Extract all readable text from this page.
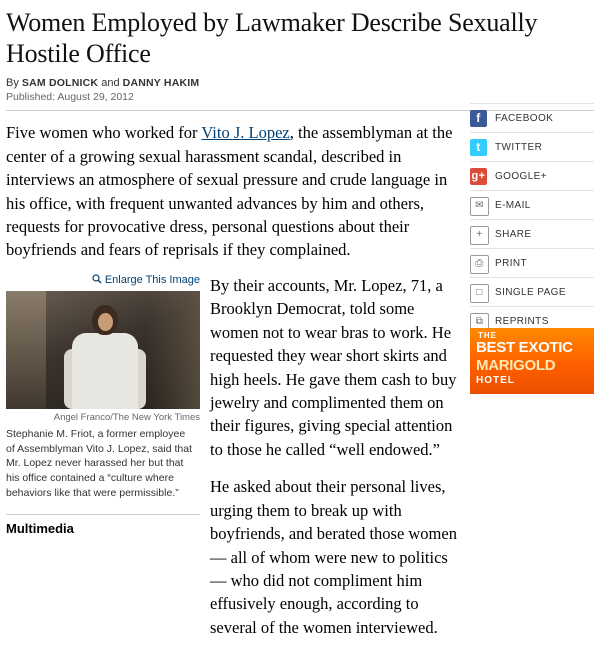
Women Employed by Lawmaker Describe Sexually Hostile Office
By SAM DOLNICK and DANNY HAKIM
Published: August 29, 2012

Five women who worked for Vito J. Lopez, the assemblyman at the center of a growing sexual harassment scandal, described in interviews an atmosphere of sexual pressure and crude language in his office, with frequent unwanted advances by him and others, requests for provocative dress, personal questions about their boyfriends and fears of reprisals if they complained.

Enlarge This Image
Angel Franco/The New York Times
Stephanie M. Friot, a former employee of Assemblyman Vito J. Lopez, said that Mr. Lopez never harassed her but that his office contained a “culture where behaviors like that were permissible.”
Multimedia

By their accounts, Mr. Lopez, 71, a Brooklyn Democrat, told some women not to wear bras to work. He requested they wear short skirts and high heels. He gave them cash to buy jewelry and complimented them on their figures, giving special attention to those he called “well endowed.”

He asked about their personal lives, urging them to break up with boyfriends, and berated those women — all of whom were new to politics — who did not compliment him effusively enough, according to several of the women interviewed.

f	FACEBOOK
t	TWITTER
g+ GOOGLE+
✉	E-MAIL
+	SHARE
⎙	PRINT
□	SINGLE PAGE
⧉	REPRINTS
THE
BEST EXOTIC
MARIGOLD
HOTEL
